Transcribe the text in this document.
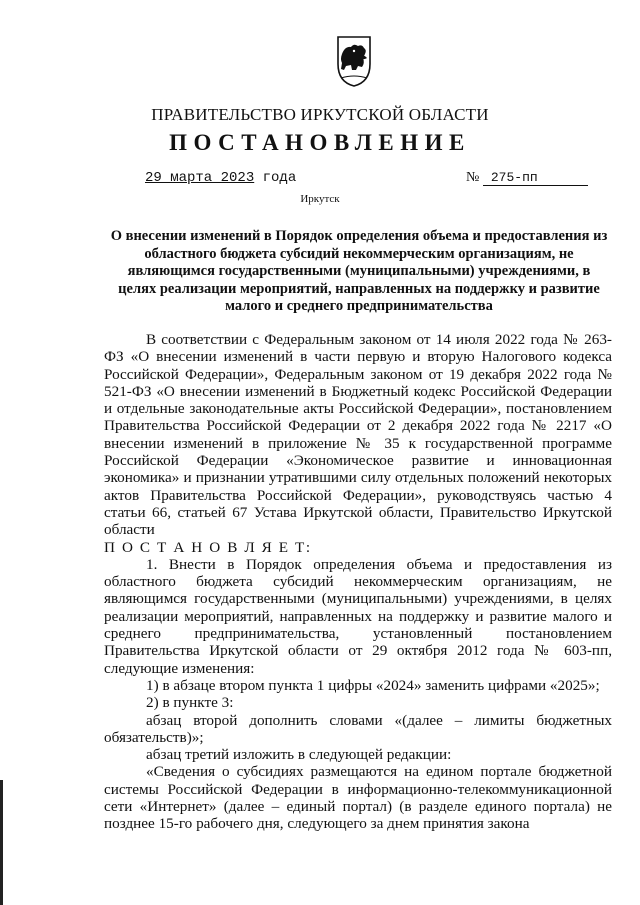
ПРАВИТЕЛЬСТВО ИРКУТСКОЙ ОБЛАСТИ
ПОСТАНОВЛЕНИЕ
29 марта 2023 года	№ 275-пп
Иркутск
О внесении изменений в Порядок определения объема и предоставления из областного бюджета субсидий некоммерческим организациям, не являющимся государственными (муниципальными) учреждениями, в целях реализации мероприятий, направленных на поддержку и развитие малого и среднего предпринимательства

В соответствии с Федеральным законом от 14 июля 2022 года № 263-ФЗ «О внесении изменений в части первую и вторую Налогового кодекса Российской Федерации», Федеральным законом от 19 декабря 2022 года № 521-ФЗ «О внесении изменений в Бюджетный кодекс Российской Федерации и отдельные законодательные акты Российской Федерации», постановлением Правительства Российской Федерации от 2 декабря 2022 года № 2217 «О внесении изменений в приложение № 35 к государственной программе Российской Федерации «Экономическое развитие и инновационная экономика» и признании утратившими силу отдельных положений некоторых актов Правительства Российской Федерации», руководствуясь частью 4 статьи 66, статьей 67 Устава Иркутской области, Правительство Иркутской области

П О С Т А Н О В Л Я Е Т:

1. Внести в Порядок определения объема и предоставления из областного бюджета субсидий некоммерческим организациям, не являющимся государственными (муниципальными) учреждениями, в целях реализации мероприятий, направленных на поддержку и развитие малого и среднего предпринимательства, установленный постановлением Правительства Иркутской области от 29 октября 2012 года № 603-пп, следующие изменения:

1) в абзаце втором пункта 1 цифры «2024» заменить цифрами «2025»;

2) в пункте 3:

абзац второй дополнить словами «(далее – лимиты бюджетных обязательств)»;

абзац третий изложить в следующей редакции:

«Сведения о субсидиях размещаются на едином портале бюджетной системы Российской Федерации в информационно-телекоммуникационной сети «Интернет» (далее – единый портал) (в разделе единого портала) не позднее 15-го рабочего дня, следующего за днем принятия закона
